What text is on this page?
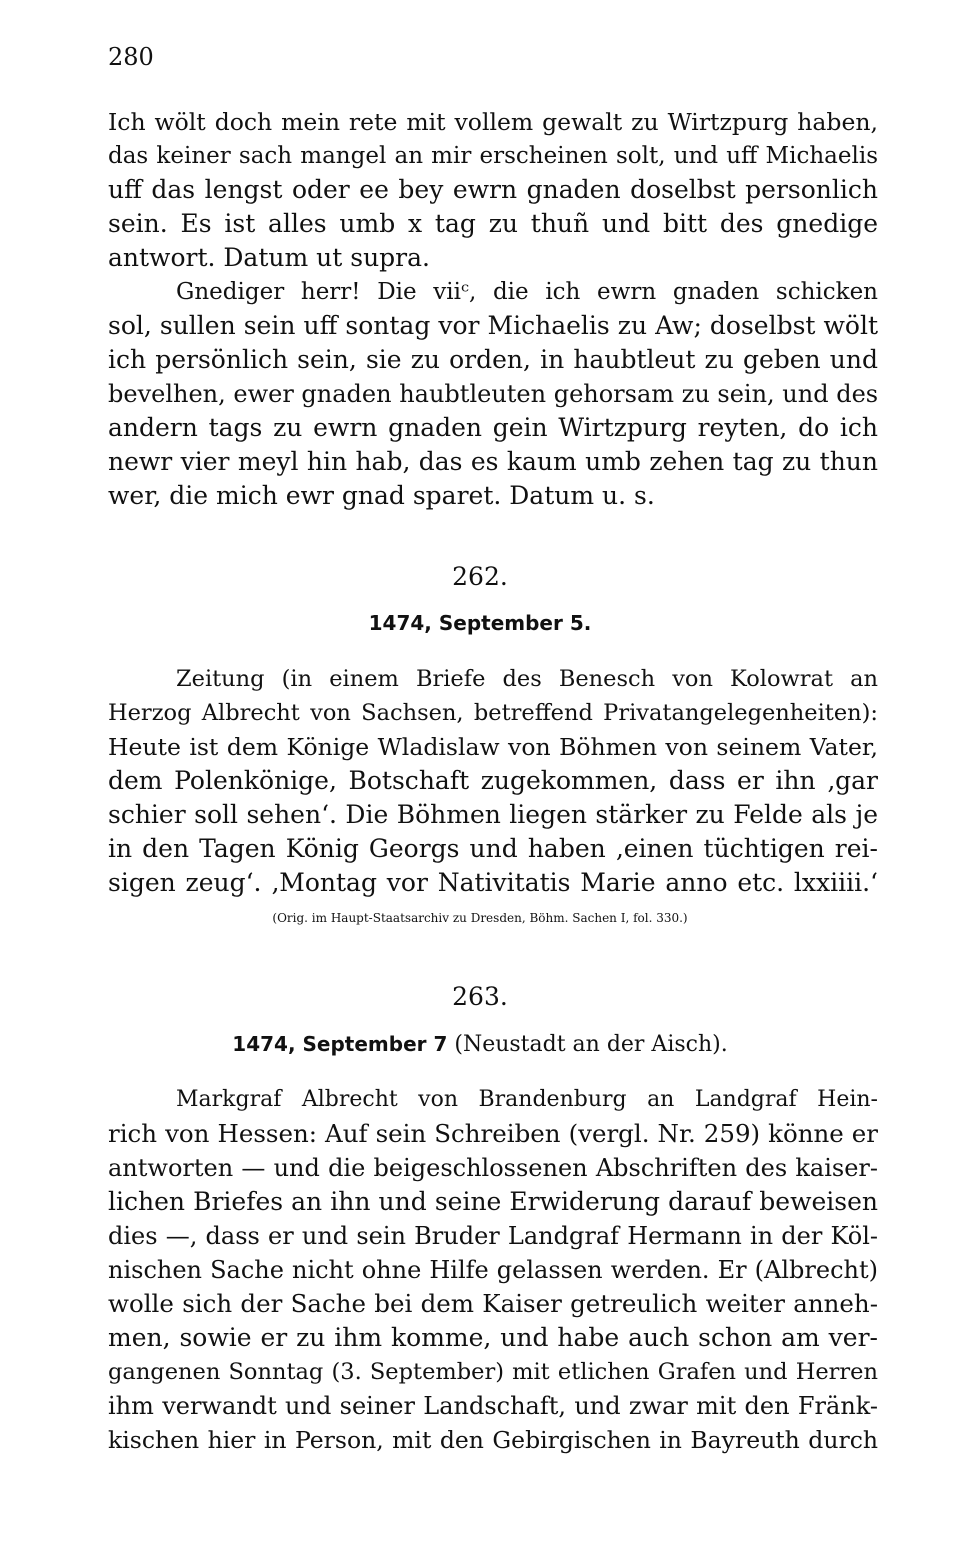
280
Ich wölt doch mein rete mit vollem gewalt zu Wirtzpurg haben,
das keiner sach mangel an mir erscheinen solt, und uff Michaelis
uff das lengst oder ee bey ewrn gnaden doselbst personlich
sein. Es ist alles umb x tag zu thuñ und bitt des gnedige
antwort. Datum ut supra.
Gnediger herr! Die viiᶜ, die ich ewrn gnaden schicken
sol, sullen sein uff sontag vor Michaelis zu Aw; doselbst wölt
ich persönlich sein, sie zu orden, in haubtleut zu geben und
bevelhen, ewer gnaden haubtleuten gehorsam zu sein, und des
andern tags zu ewrn gnaden gein Wirtzpurg reyten, do ich
newr vier meyl hin hab, das es kaum umb zehen tag zu thun
wer, die mich ewr gnad sparet. Datum u. s.
262.
1474, September 5.
Zeitung (in einem Briefe des Benesch von Kolowrat an
Herzog Albrecht von Sachsen, betreffend Privatangelegenheiten):
Heute ist dem Könige Wladislaw von Böhmen von seinem Vater,
dem Polenkönige, Botschaft zugekommen, dass er ihn ‚gar
schier soll sehen‘. Die Böhmen liegen stärker zu Felde als je
in den Tagen König Georgs und haben ‚einen tüchtigen rei-
sigen zeug‘. ‚Montag vor Nativitatis Marie anno etc. lxxiiii.‘
(Orig. im Haupt-Staatsarchiv zu Dresden, Böhm. Sachen I, fol. 330.)
263.
1474, September 7 (Neustadt an der Aisch).
Markgraf Albrecht von Brandenburg an Landgraf Hein-
rich von Hessen: Auf sein Schreiben (vergl. Nr. 259) könne er
antworten — und die beigeschlossenen Abschriften des kaiser-
lichen Briefes an ihn und seine Erwiderung darauf beweisen
dies —, dass er und sein Bruder Landgraf Hermann in der Köl-
nischen Sache nicht ohne Hilfe gelassen werden. Er (Albrecht)
wolle sich der Sache bei dem Kaiser getreulich weiter anneh-
men, sowie er zu ihm komme, und habe auch schon am ver-
gangenen Sonntag (3. September) mit etlichen Grafen und Herren
ihm verwandt und seiner Landschaft, und zwar mit den Fränk-
kischen hier in Person, mit den Gebirgischen in Bayreuth durch
